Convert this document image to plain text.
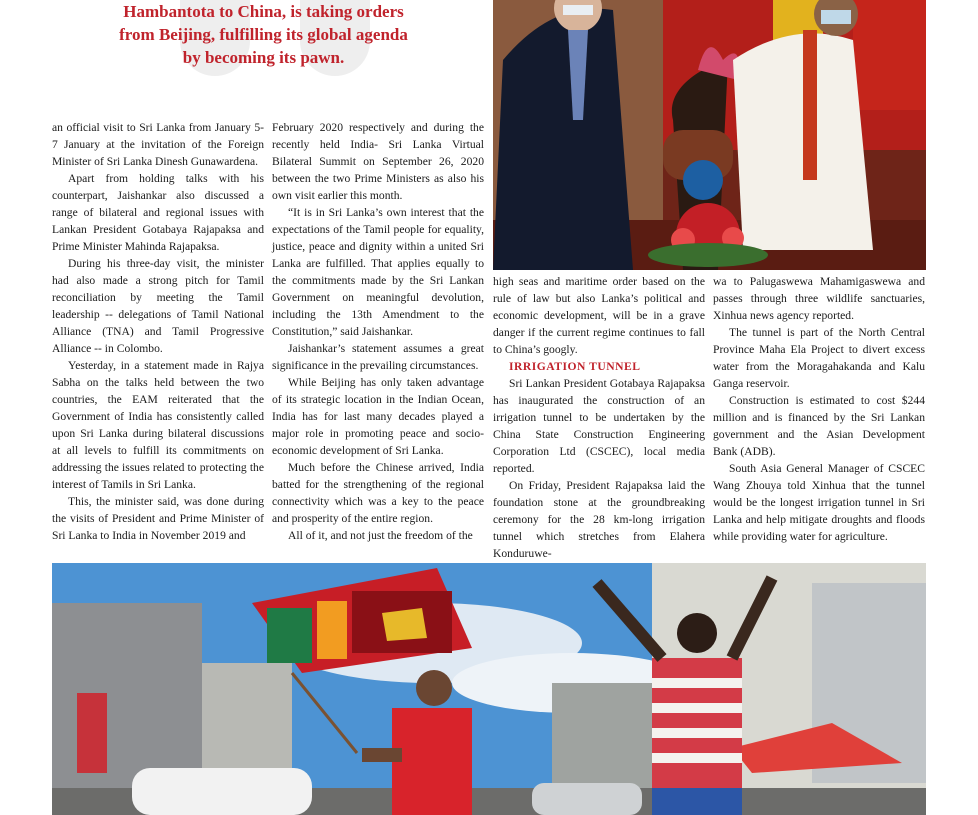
Hambantota to China, is taking orders
from Beijing, fulfilling its global agenda
by becoming its pawn.

an official visit to Sri Lanka from January 5-7 January at the invitation of the Foreign Minister of Sri Lanka Dinesh Gunawardena.

Apart from holding talks with his counterpart, Jaishankar also discussed a range of bilateral and regional issues with Lankan President Gotabaya Rajapaksa and Prime Minister Mahinda Rajapaksa.

During his three-day visit, the minister had also made a strong pitch for Tamil reconciliation by meeting the Tamil leadership -- delegations of Tamil National Alliance (TNA) and Tamil Progressive Alliance -- in Colombo.

Yesterday, in a statement made in Rajya Sabha on the talks held between the two countries, the EAM reiterated that the Government of India has consistently called upon Sri Lanka during bilateral discussions at all levels to fulfill its commitments on addressing the issues related to protecting the interest of Tamils in Sri Lanka.

This, the minister said, was done during the visits of President and Prime Minister of Sri Lanka to India in November 2019 and

February 2020 respectively and during the recently held India- Sri Lanka Virtual Bilateral Summit on September 26, 2020 between the two Prime Ministers as also his own visit earlier this month.

“It is in Sri Lanka’s own interest that the expectations of the Tamil people for equality, justice, peace and dignity within a united Sri Lanka are fulfilled. That applies equally to the commitments made by the Sri Lankan Government on meaningful devolution, including the 13th Amendment to the Constitution,” said Jaishankar.

Jaishankar’s statement assumes a great significance in the prevailing circumstances.

While Beijing has only taken advantage of its strategic location in the Indian Ocean, India has for last many decades played a major role in promoting peace and socio-economic development of Sri Lanka.

Much before the Chinese arrived, India batted for the strengthening of the regional connectivity which was a key to the peace and prosperity of the entire region.

All of it, and not just the freedom of the

high seas and maritime order based on the rule of law but also Lanka’s political and economic development, will be in a grave danger if the current regime continues to fall to China’s googly.

IRRIGATION TUNNEL

Sri Lankan President Gotabaya Rajapaksa has inaugurated the construction of an irrigation tunnel to be undertaken by the China State Construction Engineering Corporation Ltd (CSCEC), local media reported.

On Friday, President Rajapaksa laid the foundation stone at the groundbreaking ceremony for the 28 km-long irrigation tunnel which stretches from Elahera Konduruwe-

wa to Palugaswewa Mahamigaswewa and passes through three wildlife sanctuaries, Xinhua news agency reported.

The tunnel is part of the North Central Province Maha Ela Project to divert excess water from the Moragahakanda and Kalu Ganga reservoir.

Construction is estimated to cost $244 million and is financed by the Sri Lankan government and the Asian Development Bank (ADB).

South Asia General Manager of CSCEC Wang Zhouya told Xinhua that the tunnel would be the longest irrigation tunnel in Sri Lanka and help mitigate droughts and floods while providing water for agriculture.
